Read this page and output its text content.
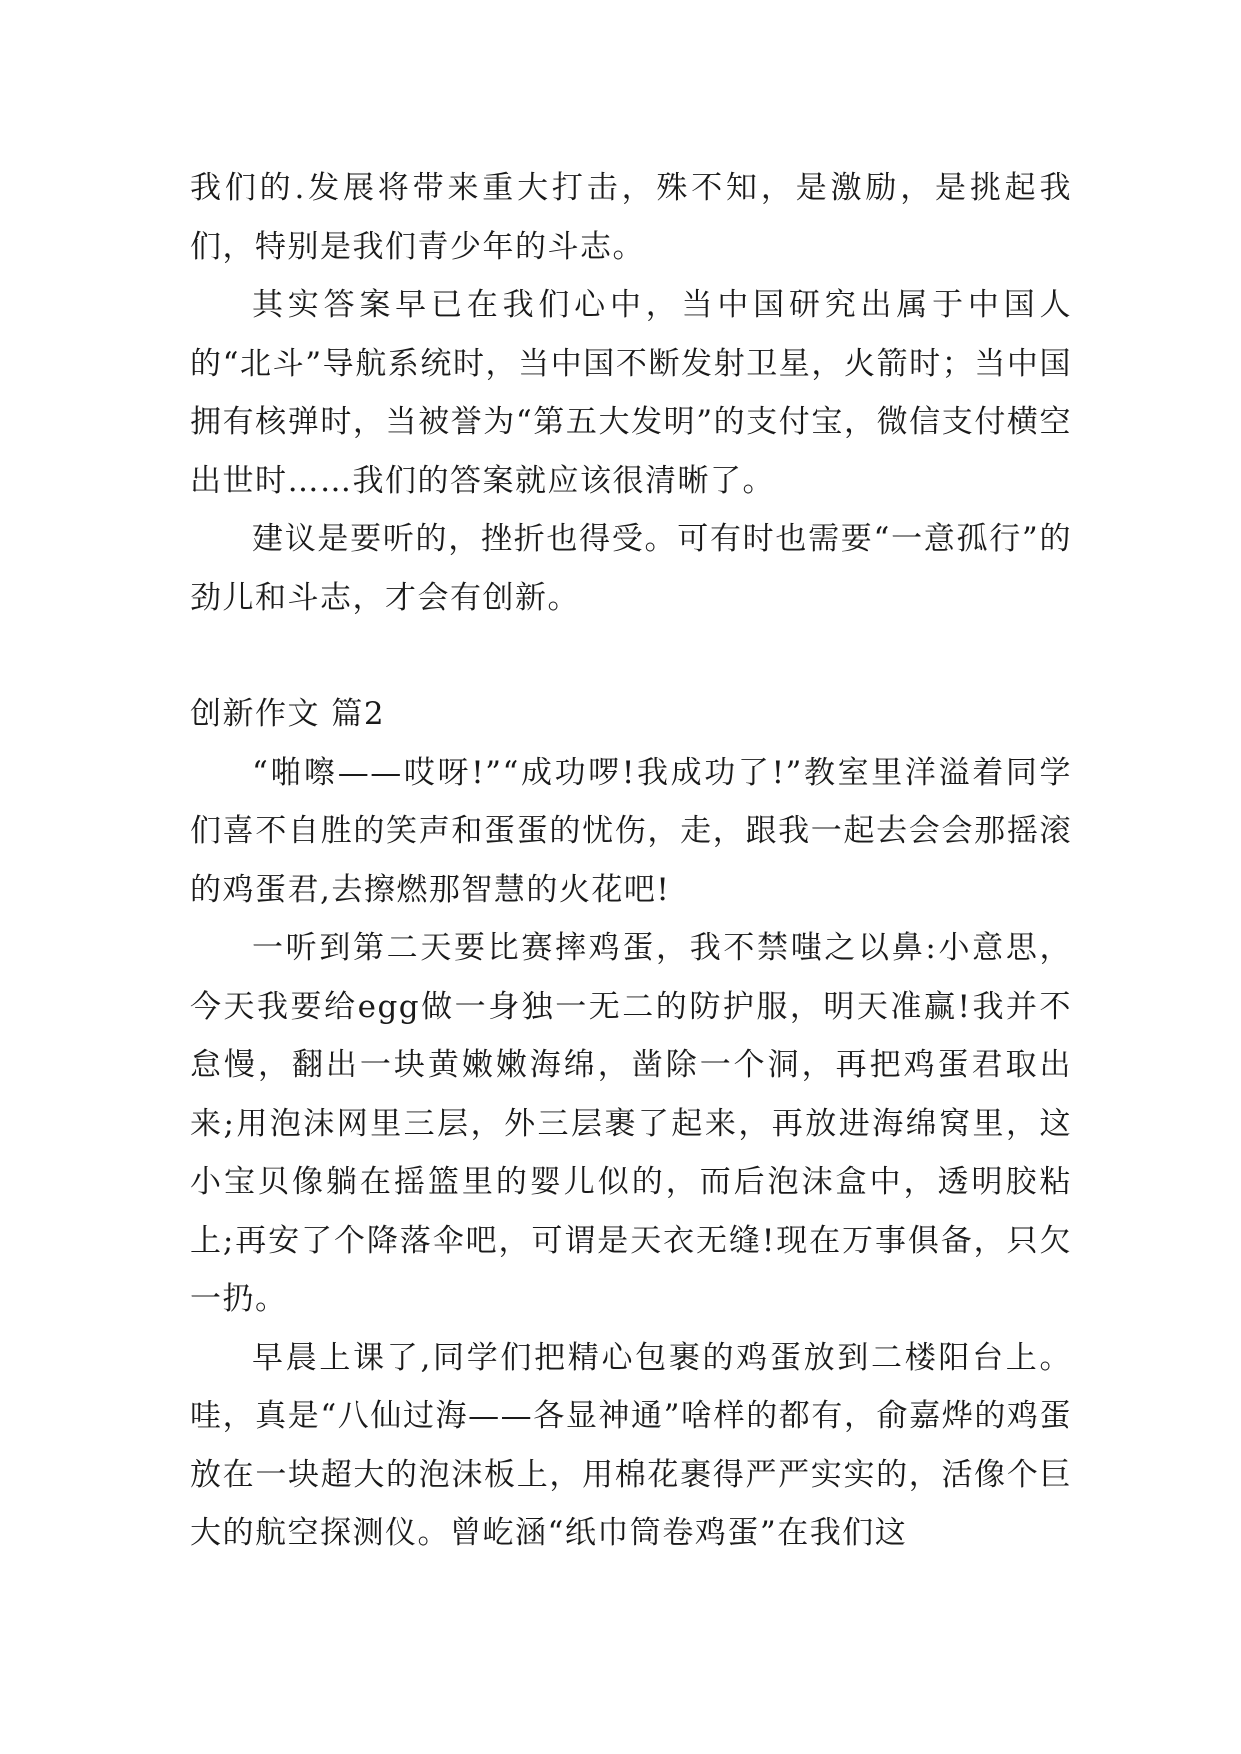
我们的.发展将带来重大打击，殊不知，是激励，是挑起我们，特别是我们青少年的斗志。

其实答案早已在我们心中，当中国研究出属于中国人的“北斗”导航系统时，当中国不断发射卫星，火箭时；当中国拥有核弹时，当被誉为“第五大发明”的支付宝，微信支付横空出世时……我们的答案就应该很清晰了。

建议是要听的，挫折也得受。可有时也需要“一意孤行”的劲儿和斗志，才会有创新。

创新作文 篇2

“啪嚓——哎呀!”“成功啰!我成功了!”教室里洋溢着同学们喜不自胜的笑声和蛋蛋的忧伤，走，跟我一起去会会那摇滚的鸡蛋君,去擦燃那智慧的火花吧!

一听到第二天要比赛摔鸡蛋，我不禁嗤之以鼻:小意思，今天我要给egg做一身独一无二的防护服，明天准赢!我并不怠慢，翻出一块黄嫩嫩海绵，凿除一个洞，再把鸡蛋君取出来;用泡沫网里三层，外三层裹了起来，再放进海绵窝里，这小宝贝像躺在摇篮里的婴儿似的，而后泡沫盒中，透明胶粘上;再安了个降落伞吧，可谓是天衣无缝!现在万事俱备，只欠一扔。

早晨上课了,同学们把精心包裹的鸡蛋放到二楼阳台上。哇，真是“八仙过海——各显神通”啥样的都有，俞嘉烨的鸡蛋放在一块超大的泡沫板上，用棉花裹得严严实实的，活像个巨大的航空探测仪。曾屹涵“纸巾筒卷鸡蛋”在我们这
